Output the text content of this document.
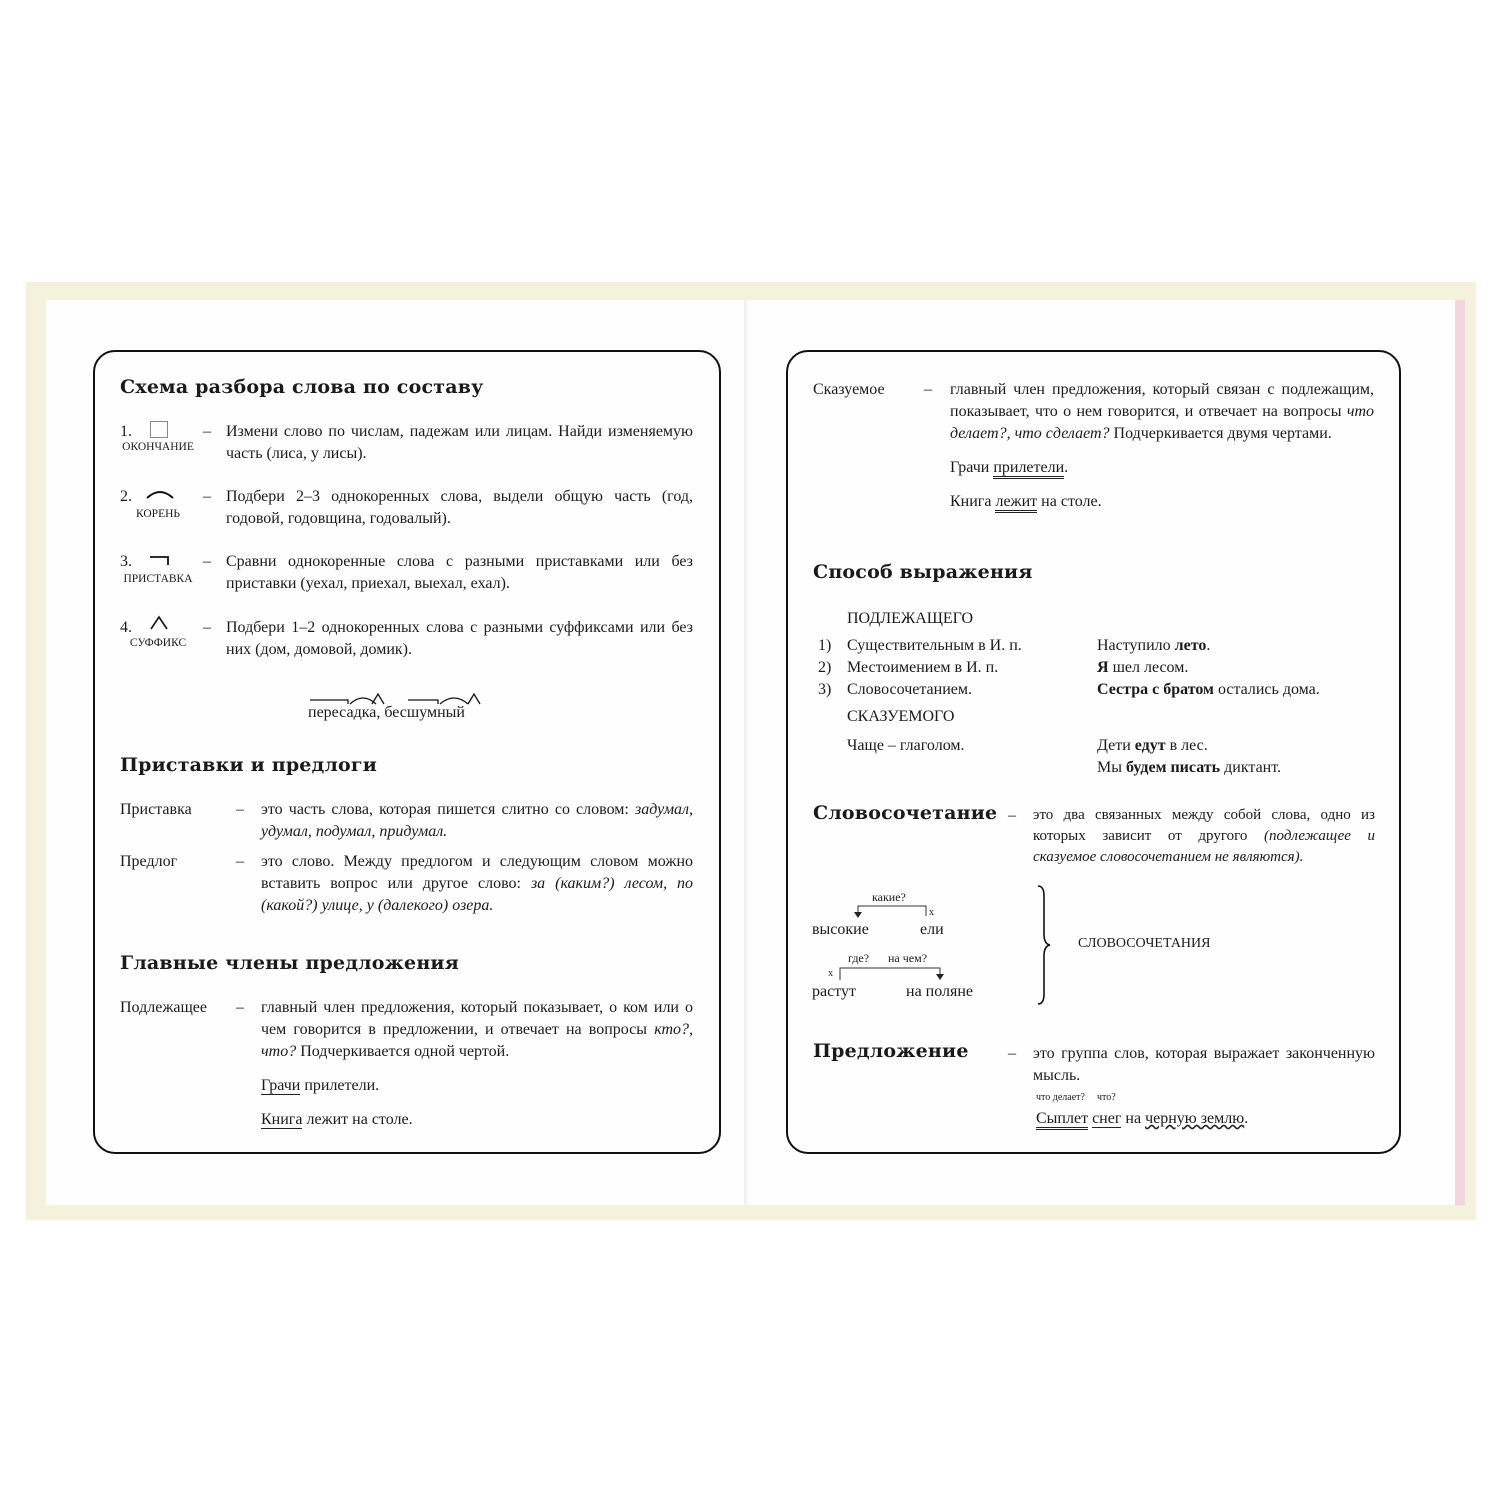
Схема разбора слова по составу
1.
ОКОНЧАНИЕ
– Измени слово по числам, падежам или лицам. Найди изменяемую часть (лиса, у лисы).
2.
КОРЕНЬ
– Подбери 2–3 однокоренных слова, выдели общую часть (год, годовой, годовщина, годовалый).
3.
ПРИСТАВКА
– Сравни однокоренные слова с разными приставками или без приставки (уехал, приехал, выехал, ехал).
4.
СУФФИКС
– Подбери 1–2 однокоренных слова с разными суффиксами или без них (дом, домовой, домик).
пересадка, бесшумный
Приставки и предлоги
Приставка	– это часть слова, которая пишется слитно со словом: задумал, удумал, подумал, придумал.
Предлог	– это слово. Между предлогом и следующим словом можно вставить вопрос или другое слово: за (каким?) лесом, по (какой?) улице, у (далекого) озера.
Главные члены предложения
Подлежащее – главный член предложения, который показывает, о ком или о чем говорится в предложении, и отвечает на вопросы кто?, что? Подчеркивается одной чертой.
Грачи прилетели.
Книга лежит на столе.
Сказуемое – главный член предложения, который связан с подлежащим, показывает, что о нем говорится, и отвечает на вопросы что делает?, что сделает? Подчеркивается двумя чертами.
Грачи прилетели.
Книга лежит на столе.
Способ выражения
ПОДЛЕЖАЩЕГО
1) Существительным в И. п.	Наступило лето.
2) Местоимением в И. п.	Я шел лесом.
3) Словосочетанием.	Сестра с братом остались дома.
СКАЗУЕМОГО
Чаще – глаголом.	Дети едут в лес.
Мы будем писать диктант.
Словосочетание – это два связанных между собой слова, одно из которых зависит от другого (подлежащее и сказуемое словосочетанием не являются).
какие?
х
высокие	ели
где? на чем?
х
растут	на поляне
СЛОВОСОЧЕТАНИЯ
Предложение – это группа слов, которая выражает законченную мысль.
что делает? что?
Сыплет снег на черную землю.
